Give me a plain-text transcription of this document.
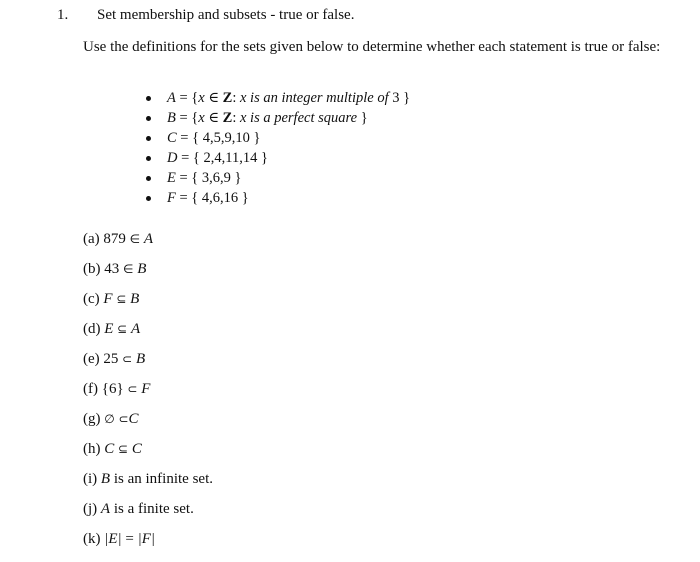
1. Set membership and subsets - true or false.
Use the definitions for the sets given below to determine whether each statement is true or false:
A = {x ∈ Z: x is an integer multiple of 3 }
B = {x ∈ Z: x is a perfect square }
C = { 4,5,9,10 }
D = { 2,4,11,14 }
E = { 3,6,9 }
F = { 4,6,16 }
(a) 879 ∈ A
(b) 43 ∈ B
(c) F ⊆ B
(d) E ⊆ A
(e) 25 ⊂ B
(f) {6} ⊂ F
(g) ∅ ⊂C
(h) C ⊆ C
(i) B is an infinite set.
(j) A is a finite set.
(k) |E| = |F|
